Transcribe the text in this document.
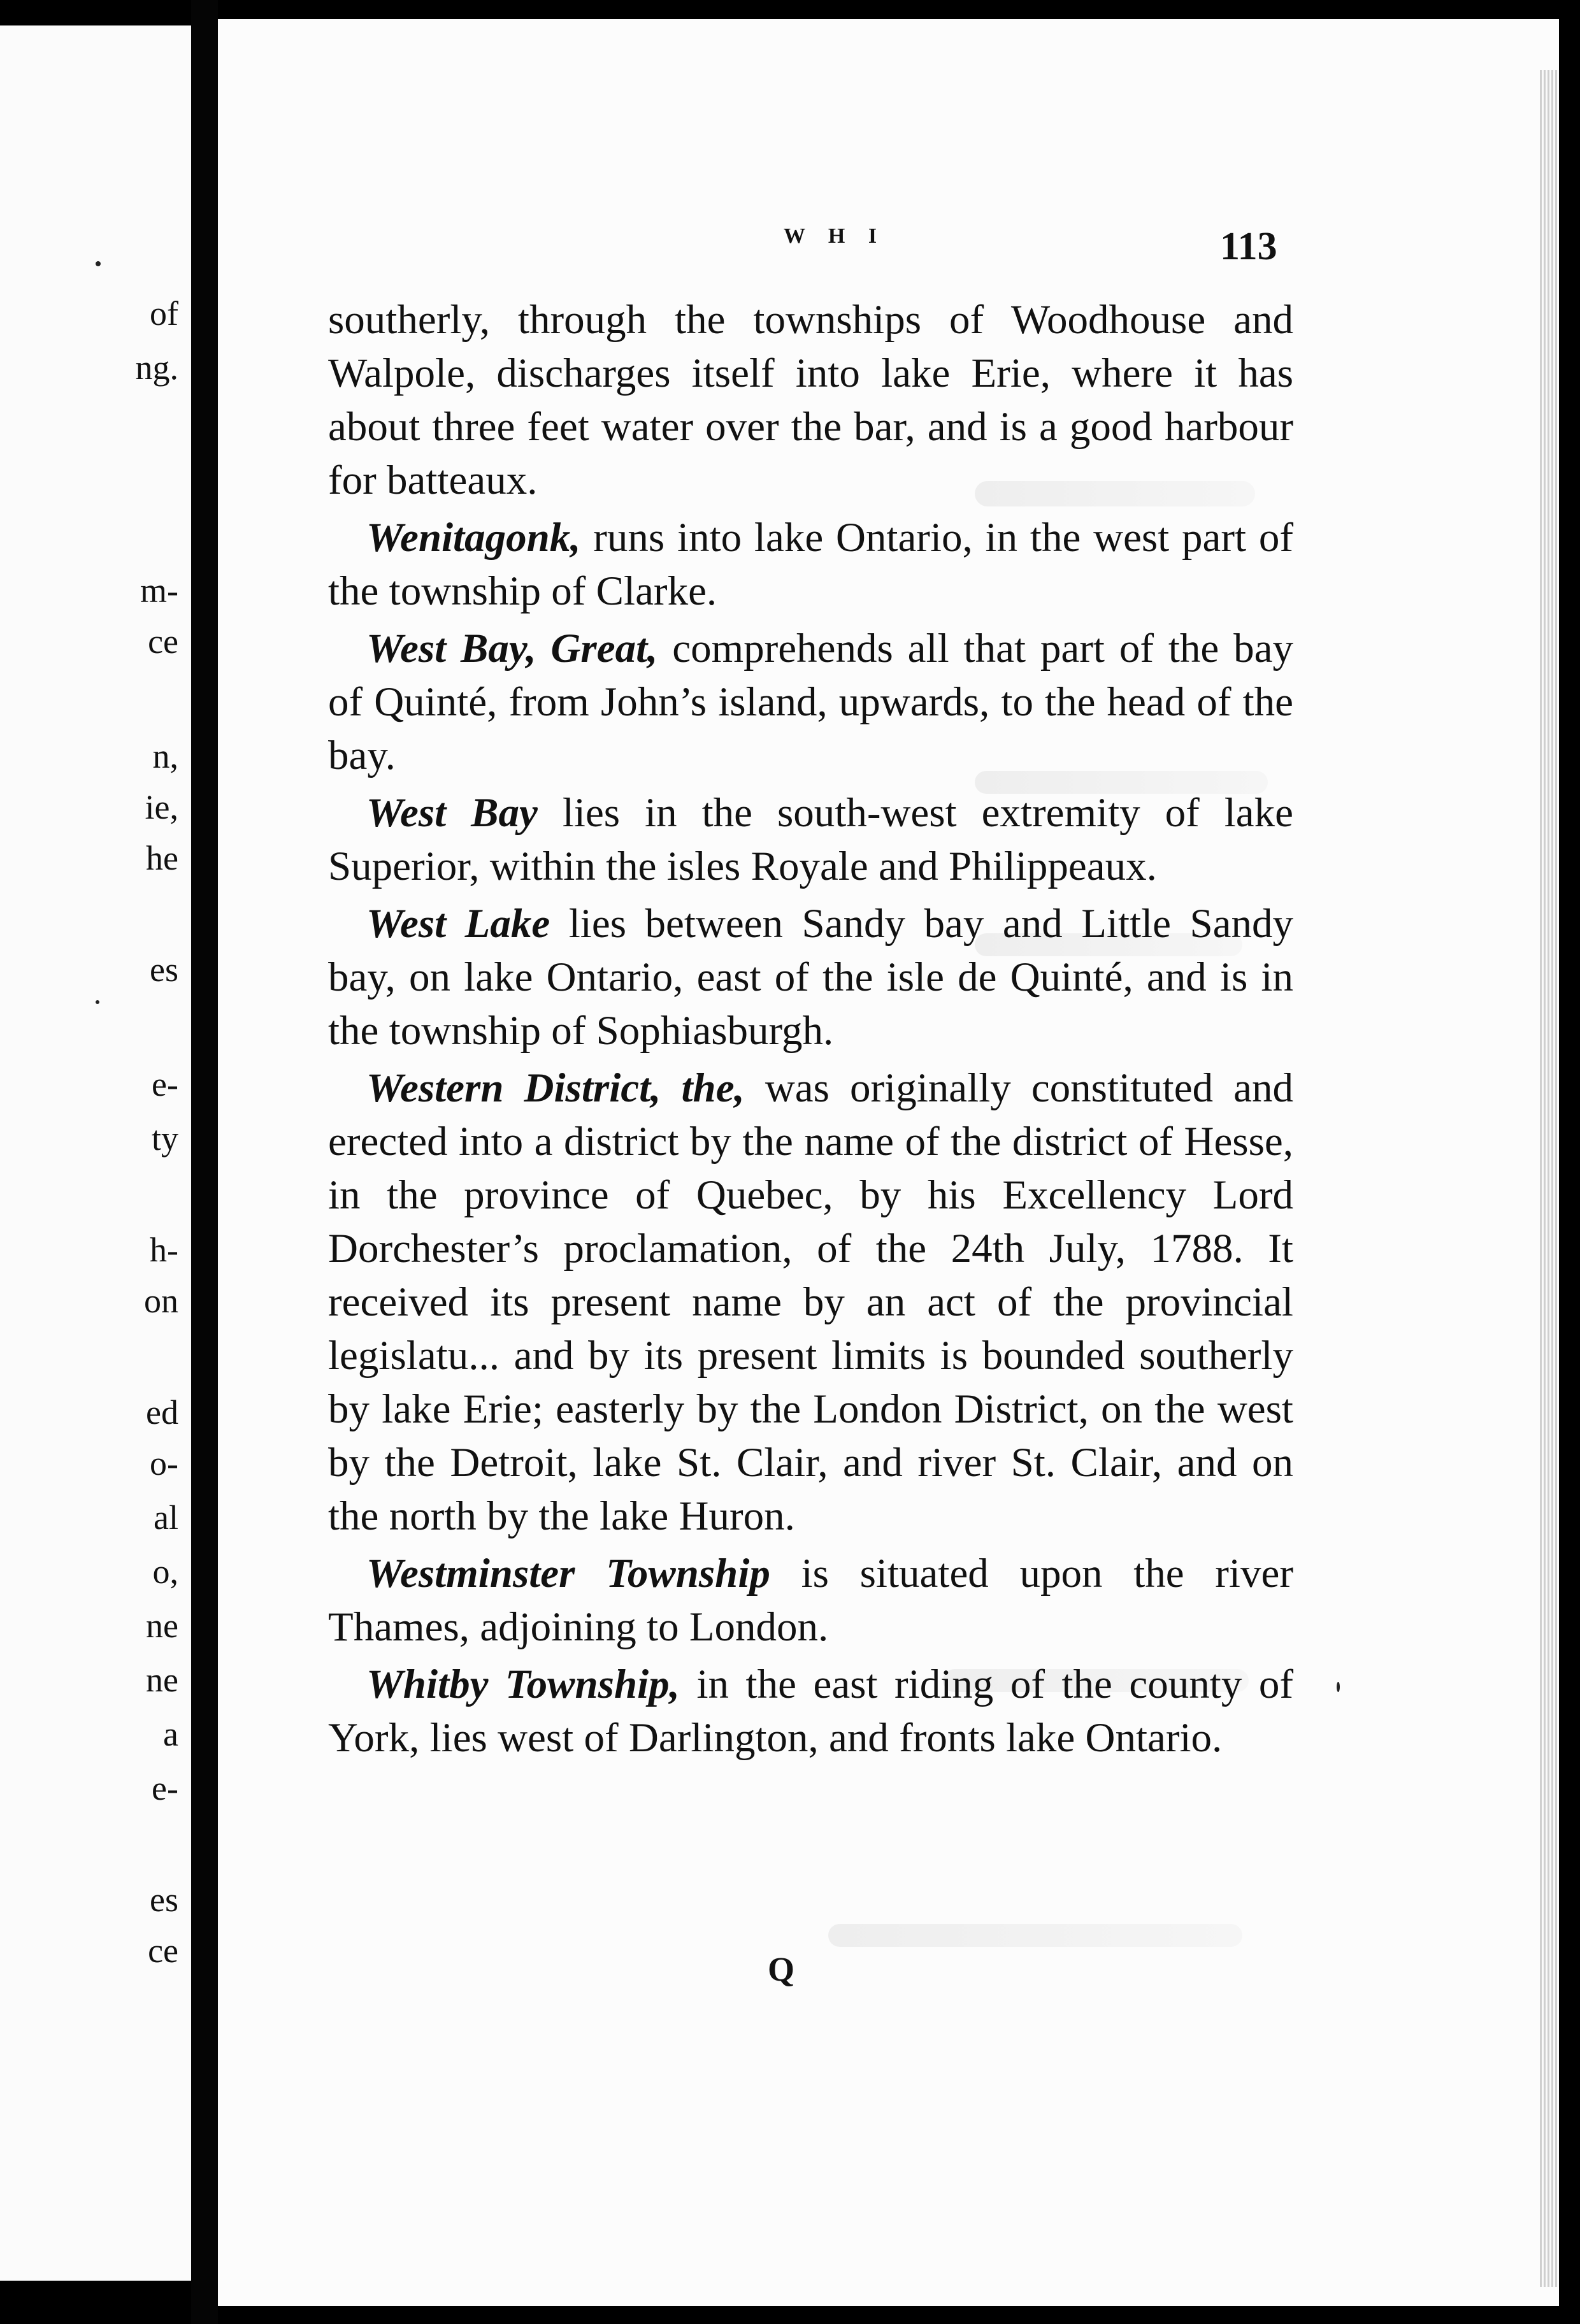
of
ng.
m-
ce
n,
ie,
he
es
e-
ty
h-
on
ed
o-
al
o,
ne
ne
a
e-
es
ce
W H I	113

southerly, through the townships of Woodhouse and Walpole, discharges itself into lake Erie, where it has about three feet water over the bar, and is a good harbour for batteaux.

Wenitagonk, runs into lake Ontario, in the west part of the township of Clarke.

West Bay, Great, comprehends all that part of the bay of Quinté, from John’s island, upwards, to the head of the bay.

West Bay lies in the south-west extremity of lake Superior, within the isles Royale and Philippeaux.

West Lake lies between Sandy bay and Little Sandy bay, on lake Ontario, east of the isle de Quinté, and is in the township of Sophiasburgh.

Western District, the, was originally constituted and erected into a district by the name of the district of Hesse, in the province of Quebec, by his Excellency Lord Dorchester’s proclamation, of the 24th July, 1788. It received its present name by an act of the provincial legislatu... and by its present limits is bounded southerly by lake Erie; easterly by the London District, on the west by the Detroit, lake St. Clair, and river St. Clair, and on the north by the lake Huron.

Westminster Township is situated upon the river Thames, adjoining to London.

Whitby Township, in the east riding of the county of York, lies west of Darlington, and fronts lake Ontario.

Q
